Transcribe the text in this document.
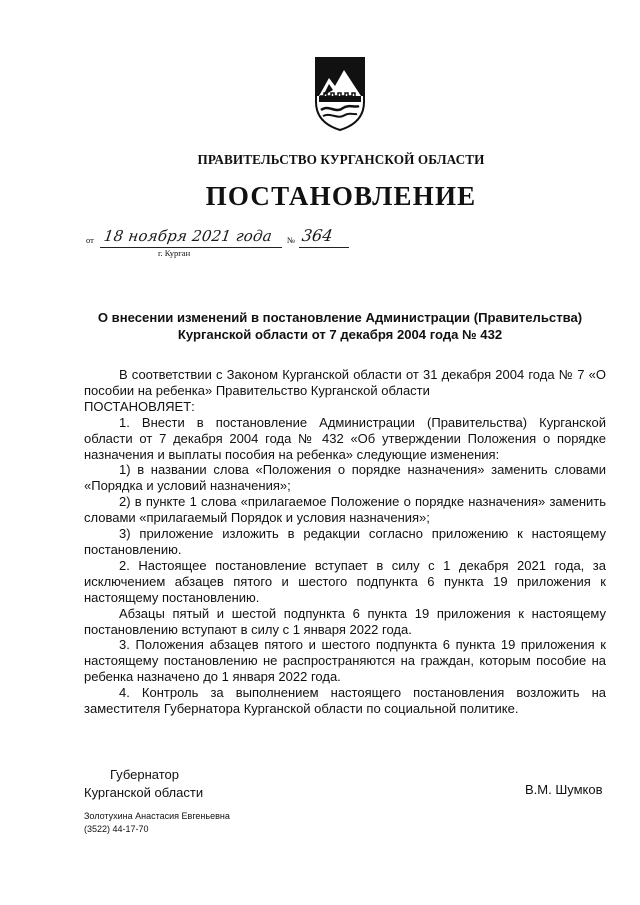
ПРАВИТЕЛЬСТВО КУРГАНСКОЙ ОБЛАСТИ
ПОСТАНОВЛЕНИЕ
от 18 ноября 2021 года № 364
г. Курган
О внесении изменений в постановление Администрации (Правительства)
Курганской области от 7 декабря 2004 года № 432

В соответствии с Законом Курганской области от 31 декабря 2004 года № 7 «О пособии на ребенка» Правительство Курганской области

ПОСТАНОВЛЯЕТ:

1. Внести в постановление Администрации (Правительства) Курганской области от 7 декабря 2004 года № 432 «Об утверждении Положения о порядке назначения и выплаты пособия на ребенка» следующие изменения:

1) в названии слова «Положения о порядке назначения» заменить словами «Порядка и условий назначения»;

2) в пункте 1 слова «прилагаемое Положение о порядке назначения» заменить словами «прилагаемый Порядок и условия назначения»;

3) приложение изложить в редакции согласно приложению к настоящему постановлению.

2. Настоящее постановление вступает в силу с 1 декабря 2021 года, за исключением абзацев пятого и шестого подпункта 6 пункта 19 приложения к настоящему постановлению.

Абзацы пятый и шестой подпункта 6 пункта 19 приложения к настоящему постановлению вступают в силу с 1 января 2022 года.

3. Положения абзацев пятого и шестого подпункта 6 пункта 19 приложения к настоящему постановлению не распространяются на граждан, которым пособие на ребенка назначено до 1 января 2022 года.

4. Контроль за выполнением настоящего постановления возложить на заместителя Губернатора Курганской области по социальной политике.

Губернатор
Курганской области	В.М. Шумков
Золотухина Анастасия Евгеньевна
(3522) 44-17-70
